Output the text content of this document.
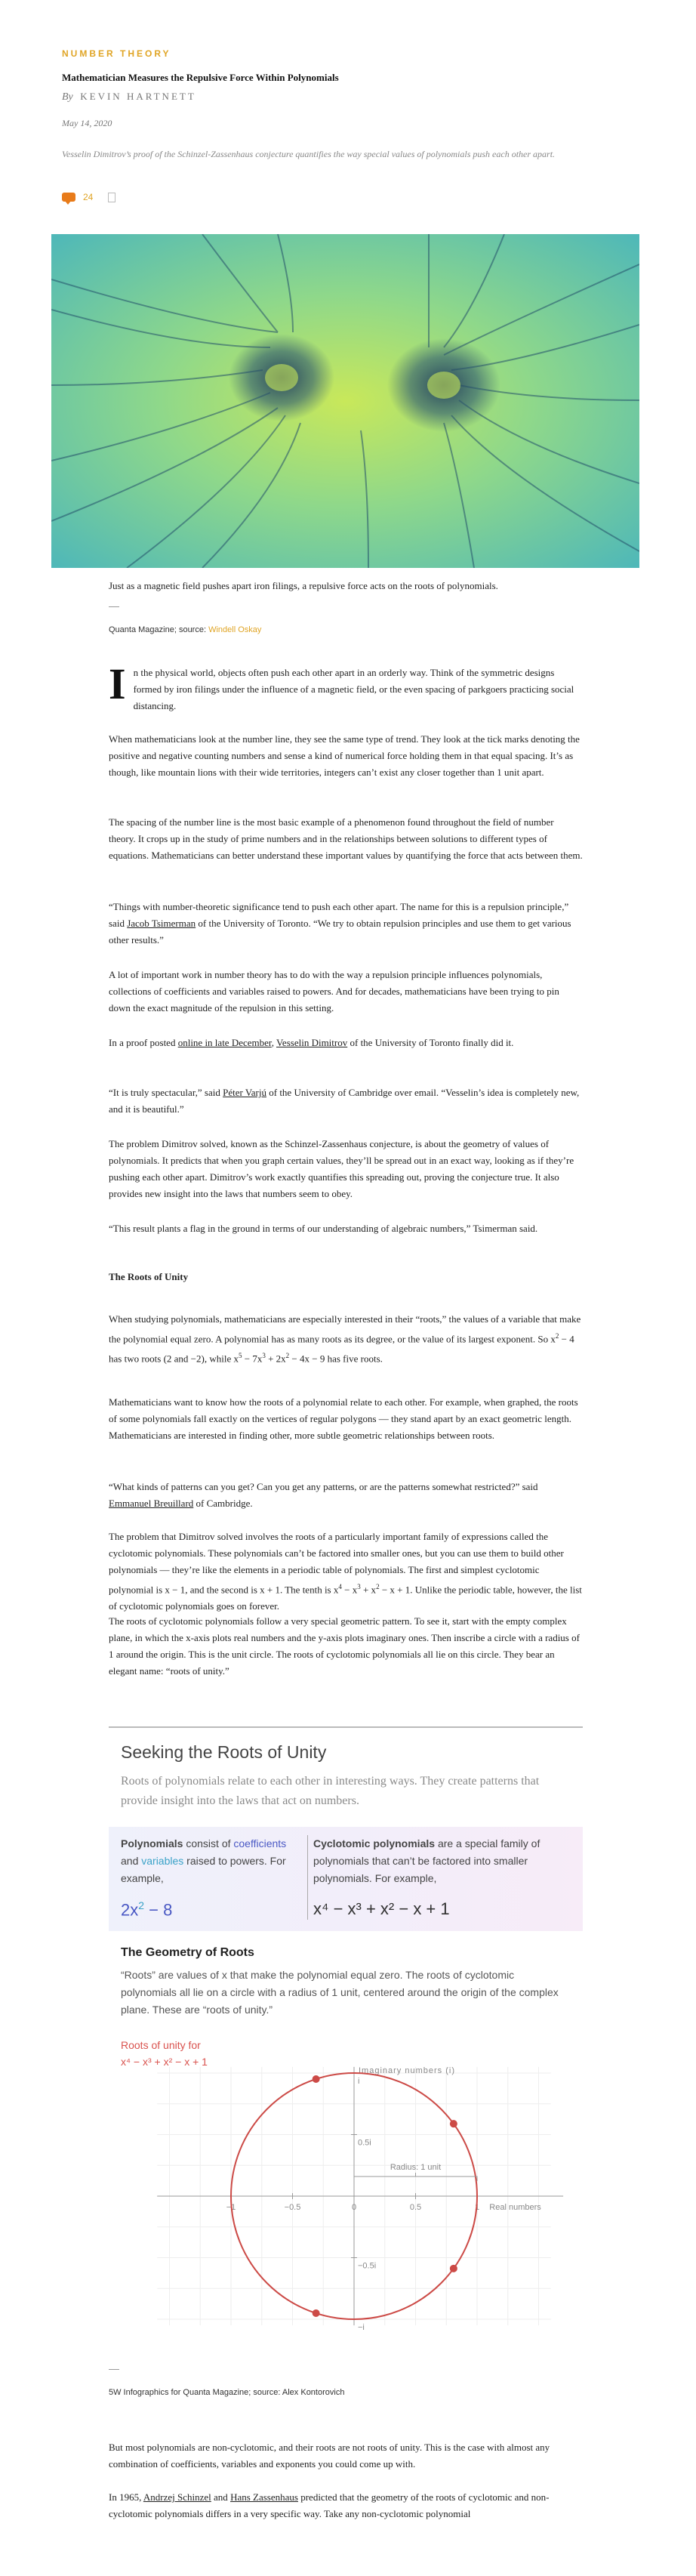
NUMBER THEORY
Mathematician Measures the Repulsive Force Within Polynomials
By KEVIN HARTNETT
May 14, 2020
Vesselin Dimitrov’s proof of the Schinzel-Zassenhaus conjecture quantifies the way special values of polynomials push each other apart.
24
Just as a magnetic field pushes apart iron filings, a repulsive force acts on the roots of polynomials.
Quanta Magazine; source: Windell Oskay

In the physical world, objects often push each other apart in an orderly way. Think of the symmetric designs formed by iron filings under the influence of a magnetic field, or the even spacing of parkgoers practicing social distancing.

When mathematicians look at the number line, they see the same type of trend. They look at the tick marks denoting the positive and negative counting numbers and sense a kind of numerical force holding them in that equal spacing. It’s as though, like mountain lions with their wide territories, integers can’t exist any closer together than 1 unit apart.

The spacing of the number line is the most basic example of a phenomenon found throughout the field of number theory. It crops up in the study of prime numbers and in the relationships between solutions to different types of equations. Mathematicians can better understand these important values by quantifying the force that acts between them.

“Things with number-theoretic significance tend to push each other apart. The name for this is a repulsion principle,” said Jacob Tsimerman of the University of Toronto. “We try to obtain repulsion principles and use them to get various other results.”

A lot of important work in number theory has to do with the way a repulsion principle influences polynomials, collections of coefficients and variables raised to powers. And for decades, mathematicians have been trying to pin down the exact magnitude of the repulsion in this setting.

In a proof posted online in late December, Vesselin Dimitrov of the University of Toronto finally did it.

“It is truly spectacular,” said Péter Varjú of the University of Cambridge over email. “Vesselin’s idea is completely new, and it is beautiful.”

The problem Dimitrov solved, known as the Schinzel-Zassenhaus conjecture, is about the geometry of values of polynomials. It predicts that when you graph certain values, they’ll be spread out in an exact way, looking as if they’re pushing each other apart. Dimitrov’s work exactly quantifies this spreading out, proving the conjecture true. It also provides new insight into the laws that numbers seem to obey.

“This result plants a flag in the ground in terms of our understanding of algebraic numbers,” Tsimerman said.

The Roots of Unity

When studying polynomials, mathematicians are especially interested in their “roots,” the values of a variable that make the polynomial equal zero. A polynomial has as many roots as its degree, or the value of its largest exponent. So $x^2 - 4$ has two roots (2 and −2), while $x^5 - 7x^3 + 2x^2 - 4x - 9$ has five roots.

Mathematicians want to know how the roots of a polynomial relate to each other. For example, when graphed, the roots of some polynomials fall exactly on the vertices of regular polygons — they stand apart by an exact geometric length. Mathematicians are interested in finding other, more subtle geometric relationships between roots.

“What kinds of patterns can you get? Can you get any patterns, or are the patterns somewhat restricted?” said Emmanuel Breuillard of Cambridge.

The problem that Dimitrov solved involves the roots of a particularly important family of expressions called the cyclotomic polynomials. These polynomials can’t be factored into smaller ones, but you can use them to build other polynomials — they’re like the elements in a periodic table of polynomials. The first and simplest cyclotomic polynomial is x − 1, and the second is x + 1. The tenth is $x^4 - x^3 + x^2 - x + 1$. Unlike the periodic table, however, the list of cyclotomic polynomials goes on forever.

The roots of cyclotomic polynomials follow a very special geometric pattern. To see it, start with the empty complex plane, in which the x-axis plots real numbers and the y-axis plots imaginary ones. Then inscribe a circle with a radius of 1 around the origin. This is the unit circle. The roots of cyclotomic polynomials all lie on this circle. They bear an elegant name: “roots of unity.”

Seeking the Roots of Unity
Roots of polynomials relate to each other in interesting ways. They create patterns that provide insight into the laws that act on numbers.
Polynomials consist of coefficients and variables raised to powers. For example,
$2x^2 - 8$
Cyclotomic polynomials are a special family of polynomials that can’t be factored into smaller polynomials. For example,
x⁴ − x³ + x² − x + 1
The Geometry of Roots
“Roots” are values of x that make the polynomial equal zero. The roots of cyclotomic polynomials all lie on a circle with a radius of 1 unit, centered around the origin of the complex plane. These are “roots of unity.”
Roots of unity for
x⁴ − x³ + x² − x + 1
−1	−0.5	0	0.5	1
i
0.5i
−0.5i
−i
Imaginary numbers (i)
Real numbers
Radius: 1 unit
5W Infographics for Quanta Magazine; source: Alex Kontorovich

But most polynomials are non-cyclotomic, and their roots are not roots of unity. This is the case with almost any combination of coefficients, variables and exponents you could come up with.

In 1965, Andrzej Schinzel and Hans Zassenhaus predicted that the geometry of the roots of cyclotomic and non-cyclotomic polynomials differs in a very specific way. Take any non-cyclotomic polynomial
